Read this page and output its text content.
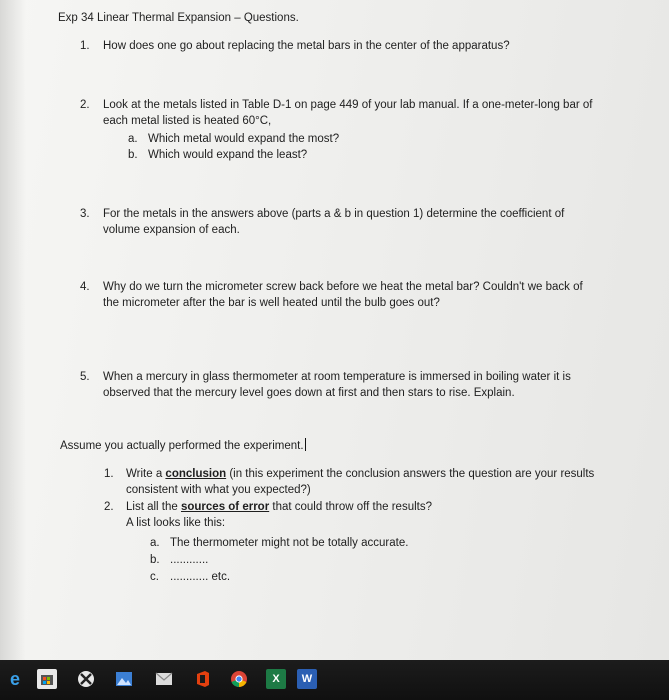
Exp 34 Linear Thermal Expansion – Questions.
1. How does one go about replacing the metal bars in the center of the apparatus?
2. Look at the metals listed in Table D-1 on page 449 of your lab manual. If a one-meter-long bar of
each metal listed is heated 60°C,
a. Which metal would expand the most?
b. Which would expand the least?
3. For the metals in the answers above (parts a & b in question 1) determine the coefficient of
volume expansion of each.
4. Why do we turn the micrometer screw back before we heat the metal bar? Couldn't we back of
the micrometer after the bar is well heated until the bulb goes out?
5. When a mercury in glass thermometer at room temperature is immersed in boiling water it is
observed that the mercury level goes down at first and then stars to rise. Explain.
Assume you actually performed the experiment.
1. Write a conclusion (in this experiment the conclusion answers the question are your results
consistent with what you expected?)
2. List all the sources of error that could throw off the results?
A list looks like this:
a. The thermometer might not be totally accurate.
b. ............
c. ............ etc.
e	X W
